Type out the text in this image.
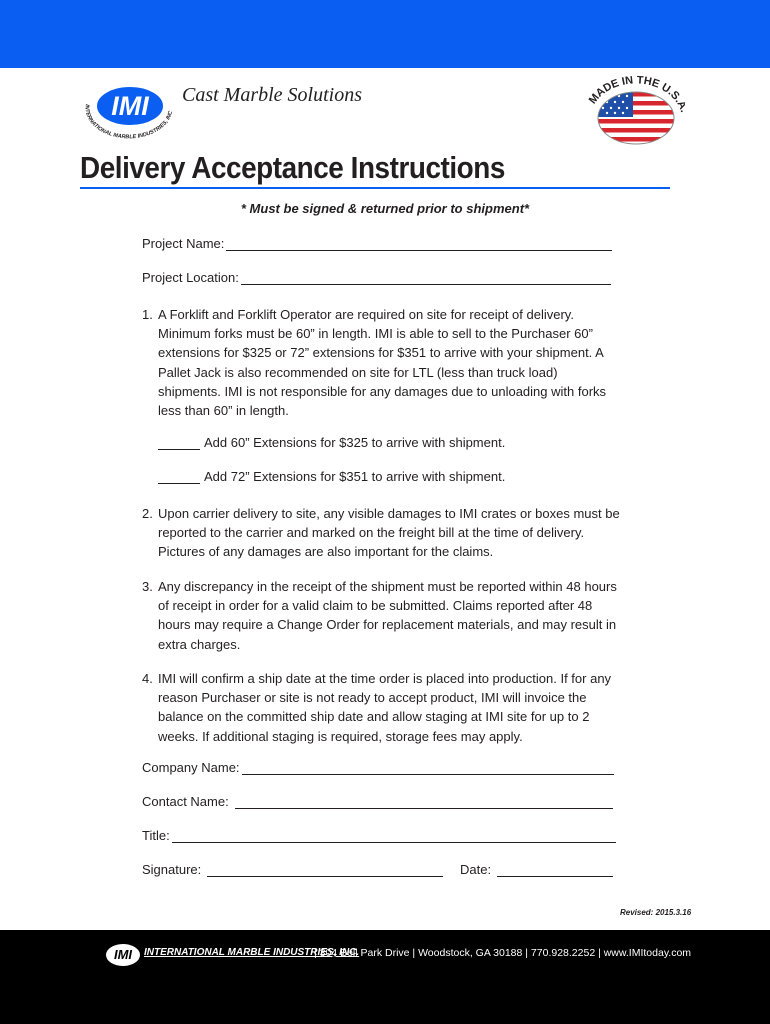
IMI
INTERNATIONAL MARBLE INDUSTRIES, INC
Cast Marble Solutions	MADE IN THE U.S.
Delivery Acceptance Instructions
* Must be signed & returned prior to shipment*
Project Name:
Project Location:
1. A Forklift and Forklift Operator are required on site for receipt of delivery. Minimum forks must be 60” in length. IMI is able to sell to the Purchaser 60” extensions for $325 or 72” extensions for $351 to arrive with your shipment. A Pallet Jack is also recommended on site for LTL (less than truck load) shipments. IMI is not responsible for any damages due to unloading with forks less than 60” in length.
Add 60” Extensions for $325 to arrive with shipment.
Add 72” Extensions for $351 to arrive with shipment.
2. Upon carrier delivery to site, any visible damages to IMI crates or boxes must be reported to the carrier and marked on the freight bill at the time of delivery. Pictures of any damages are also important for the claims.
3. Any discrepancy in the receipt of the shipment must be reported within 48 hours of receipt in order for a valid claim to be submitted. Claims reported after 48 hours may require a Change Order for replacement materials, and may result in extra charges.
4. IMI will confirm a ship date at the time order is placed into production. If for any reason Purchaser or site is not ready to accept product, IMI will invoice the balance on the committed ship date and allow staging at IMI site for up to 2 weeks. If additional staging is required, storage fees may apply.
Company Name:
Contact Name:
Title:
Signature:	Date:
Revised: 2015.3.16
IMI	INTERNATIONAL MARBLE INDUSTRIES, INC.
| 304 Bell Park Drive | Woodstock, GA 30188 | 770.928.2252 | www.IMItoday.com
